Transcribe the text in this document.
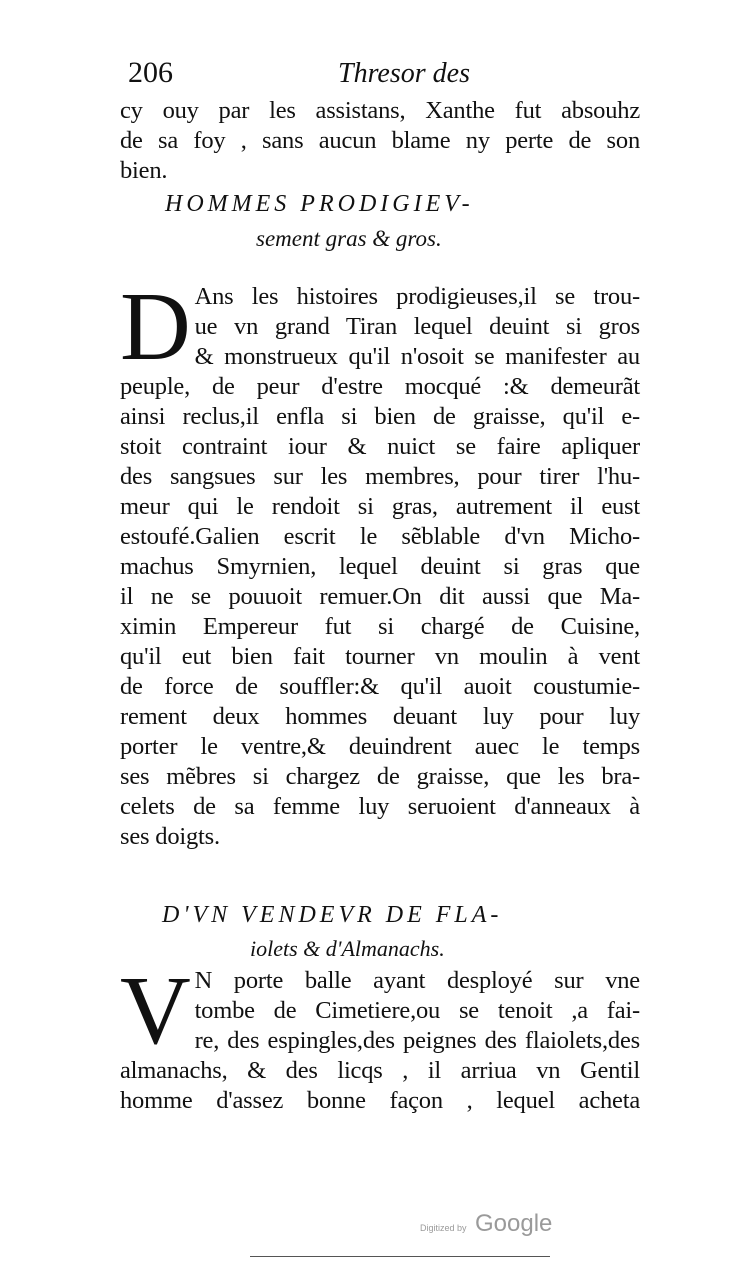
206	Thresor des
cy ouy par les assistans, Xanthe fut absouhz
de sa foy , sans aucun blame ny perte de son
bien.
HOMMES PRODIGIEV-
sement gras & gros.
D Ans les histoires prodigieuses,il se trou-
ue vn grand Tiran lequel deuint si gros
& monstrueux qu'il n'osoit se manifester au
peuple, de peur d'estre mocqué :& demeurãt
ainsi reclus,il enfla si bien de graisse, qu'il e-
stoit contraint iour & nuict se faire apliquer
des sangsues sur les membres, pour tirer l'hu-
meur qui le rendoit si gras, autrement il eust
estoufé.Galien escrit le sẽblable d'vn Micho-
machus Smyrnien, lequel deuint si gras que
il ne se pouuoit remuer.On dit aussi que Ma-
ximin Empereur fut si chargé de Cuisine,
qu'il eut bien fait tourner vn moulin à vent
de force de souffler:& qu'il auoit coustumie-
rement deux hommes deuant luy pour luy
porter le ventre,& deuindrent auec le temps
ses mẽbres si chargez de graisse, que les bra-
celets de sa femme luy seruoient d'anneaux à
ses doigts.
D'VN VENDEVR DE FLA-
iolets & d'Almanachs.
V N porte balle ayant desployé sur vne
tombe de Cimetiere,ou se tenoit ,a fai-
re, des espingles,des peignes des flaiolets,des
almanachs, & des licqs , il arriua vn Gentil
homme d'assez bonne façon , lequel acheta
Digitized by Google
